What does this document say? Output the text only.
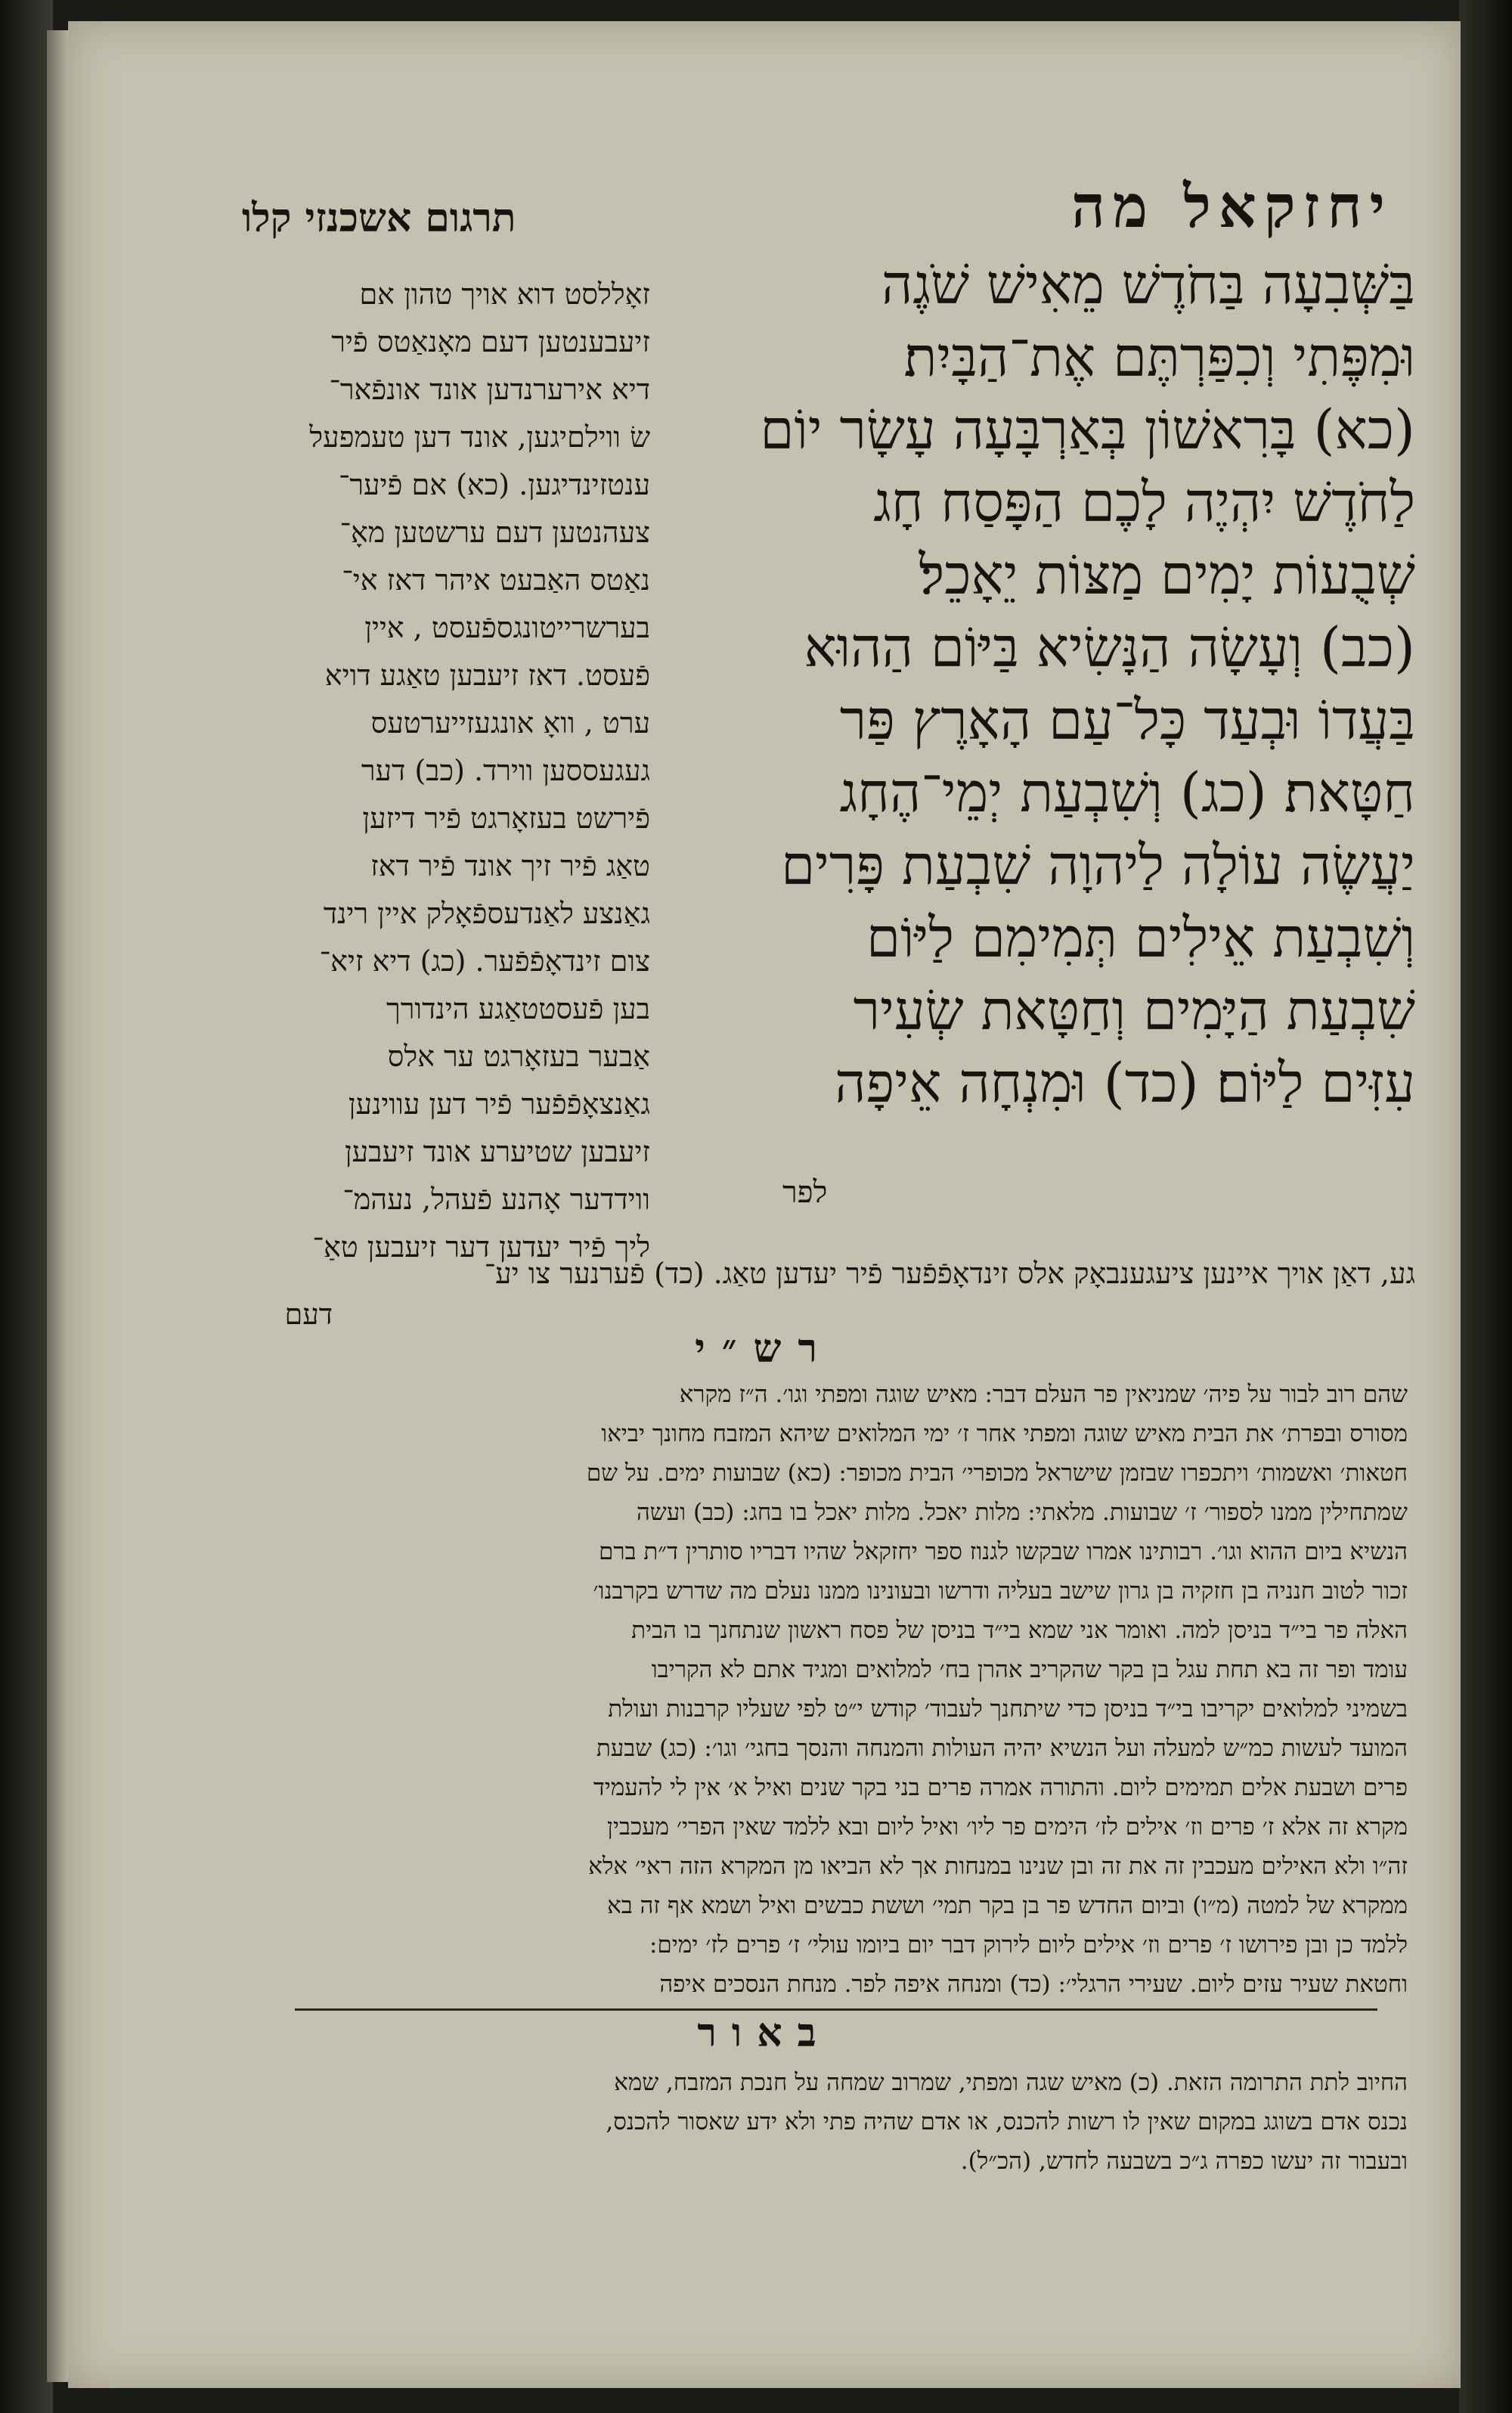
יחזקאל מה
תרגום אשכנזי קלו
בַּשְּׁבִעָה בַּחֹדֶשׁ מֵאִישׁ שֹׁגֶה
וּמִפֶּתִי וְכִפַּרְתֶּם אֶת־הַבָּיִת׃
(כא) בָּרִאשׁוֹן בְּאַרְבָּעָה עָשָׂר יוֹם
לַחֹדֶשׁ יִהְיֶה לָכֶם הַפָּסַח חָג
שְׁבֻעוֹת יָמִים מַצּוֹת יֵאָכֵל׃
(כב) וְעָשָׂה הַנָּשִׂיא בַּיּוֹם הַהוּא
בַּעֲדוֹ וּבְעַד כָּל־עַם הָאָרֶץ פַּר
חַטָּאת׃ (כג) וְשִׁבְעַת יְמֵי־הֶחָג
יַעֲשֶׂה עוֹלָה לַיהוָה שִׁבְעַת פָּרִים
וְשִׁבְעַת אֵילִים תְּמִימִם לַיּוֹם
שִׁבְעַת הַיָּמִים וְחַטָּאת שְׂעִיר
עִזִּים לַיּוֹם׃ (כד) וּמִנְחָה אֵיפָה
לפר
זאָללסט דוא אויך טהון אם
זיעבענטען דעם מאָנאַטס פֿיר
דיא אירערנדען אונד אונפֿאר־
שׂ ווילםיגען, אונד דען טעמפעל
ענטזינדיגען. (כא) אם פֿיער־
צעהנטען דעם ערשטען מאָ־
נאַטס האַבעט איהר דאז אי־
בערשרייטונגספֿעסט , איין
פֿעסט. דאז זיעבען טאַגע דויא
ערט , וואָ אונגעזייערטעס
געגעססען ווירד. (כב) דער
פֿירשט בעזאָרגט פֿיר דיזען
טאַג פֿיר זיך אונד פֿיר דאז
גאַנצע לאַנדעספֿאָלק איין רינד
צום זינדאָפֿפֿער. (כג) דיא זיא־
בען פֿעסטטאַגע הינדורך
אַבער בעזאָרגט ער אלס
גאַנצאָפֿפֿער פֿיר דען עווינען
זיעבען שטיערע אונד זיעבען
ווידדער אָהנע פֿעהל, נעהמ־
ליך פֿיר יעדען דער זיעבען טאַ־
גע, דאַן אויך איינען ציעגענבאָק אלס זינדאָפֿפֿער פֿיר יעדען טאַג. (כד) פֿערנער צו יע־
דעם
רש״י
שהם רוב לבור על פיה׳ שמניאין פר העלם דבר: מאיש שוגה ומפתי וגו׳. ה״ז מקרא
מסורס ובפרת׳ את הבית מאיש שוגה ומפתי אחר ז׳ ימי המלואים שיהא המזבח מחונך יביאו
חטאות׳ ואשמות׳ ויתכפרו שבזמן שישראל מכופרי׳ הבית מכופר: (כא) שבועות ימים. על שם
שמתחילין ממנו לספור׳ ז׳ שבועות. מלאתי: מלות יאכל. מלות יאכל בו בחג: (כב) ועשה
הנשיא ביום ההוא וגו׳. רבותינו אמרו שבקשו לגנוז ספר יחזקאל שהיו דבריו סותרין ד״ת ברם
זכור לטוב חנניה בן חזקיה בן גרון שישב בעליה ודרשו ובעונינו ממנו נעלם מה שדרש בקרבנו׳
האלה פר בי״ד בניסן למה. ואומר אני שמא בי״ד בניסן של פסח ראשון שנתחנך בו הבית
עומד ופר זה בא תחת עגל בן בקר שהקריב אהרן בח׳ למלואים ומגיד אתם לא הקריבו
בשמיני למלואים יקריבו בי״ד בניסן כדי שיתחנך לעבוד׳ קודש י״ט לפי שעליו קרבנות ועולת
המועד לעשות כמ״ש למעלה ועל הנשיא יהיה העולות והמנחה והנסך בחגי׳ וגו׳: (כג) שבעת
פרים ושבעת אלים תמימים ליום. והתורה אמרה פרים בני בקר שנים ואיל א׳ אין לי להעמיד
מקרא זה אלא ז׳ פרים וז׳ אילים לז׳ הימים פר ליו׳ ואיל ליום ובא ללמד שאין הפרי׳ מעכבין
זה״ו ולא האילים מעכבין זה את זה ובן שנינו במנחות אך לא הביאו מן המקרא הזה ראי׳ אלא
ממקרא של למטה (מ״ו) וביום החדש פר בן בקר תמי׳ וששת כבשים ואיל ושמא אף זה בא
ללמד כן ובן פירושו ז׳ פרים וז׳ אילים ליום לירוק דבר יום ביומו עולי׳ ז׳ פרים לז׳ ימים:
וחטאת שעיר עזים ליום. שעירי הרגלי׳: (כד) ומנחה איפה לפר. מנחת הנסכים איפה
באור
החיוב לתת התרומה הזאת. (כ) מאיש שגה ומפתי, שמרוב שמחה על חנכת המזבח, שמא
נכנס אדם בשוגג במקום שאין לו רשות להכנס, או אדם שהיה פתי ולא ידע שאסור להכנס,
ובעבור זה יעשו כפרה ג״כ בשבעה לחדש, (הכ״ל).
